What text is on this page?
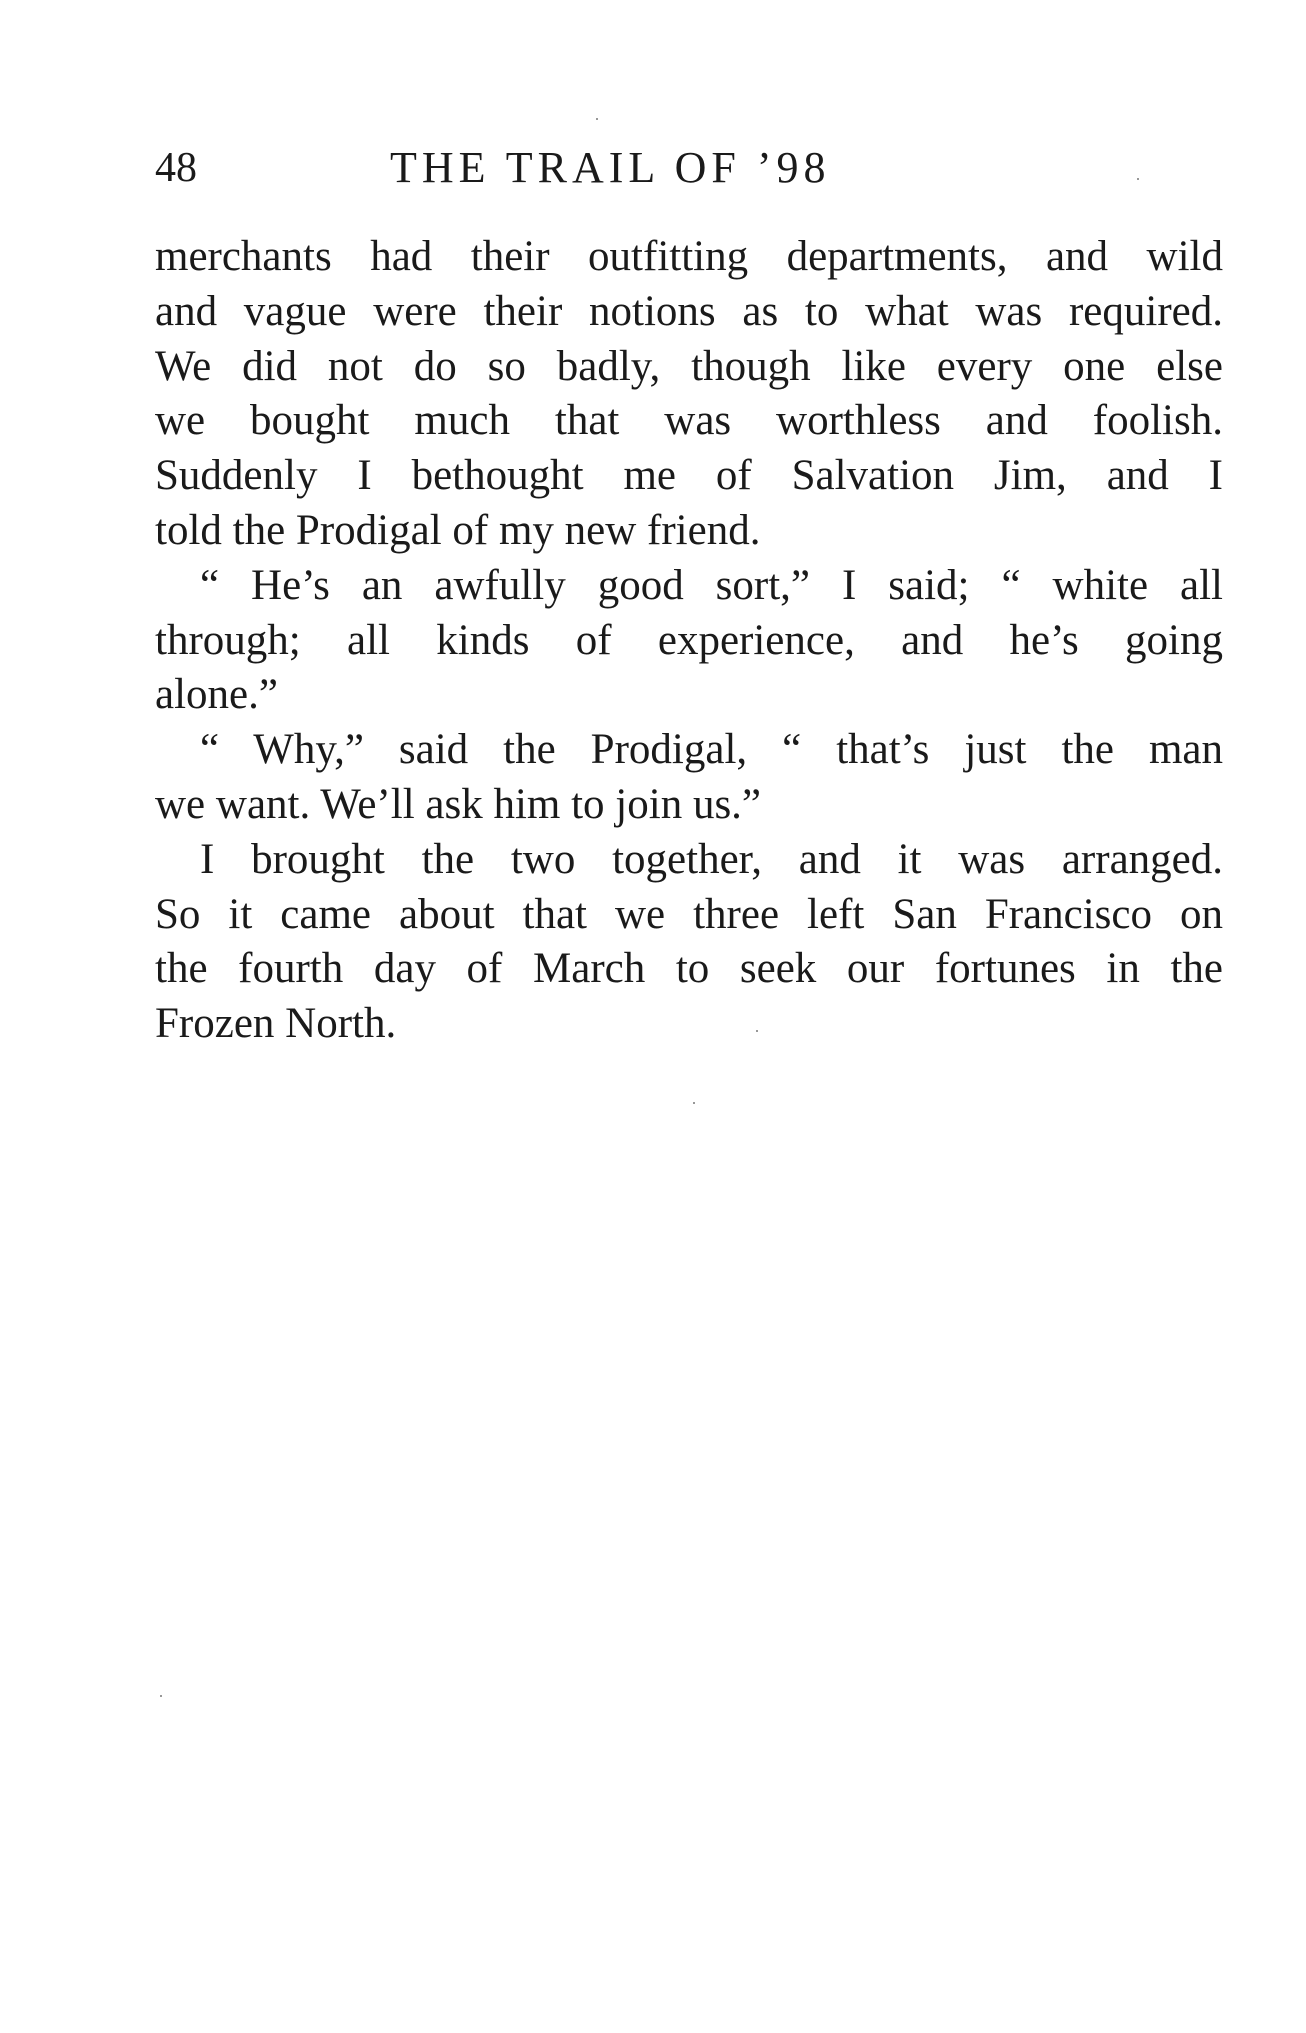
48	THE TRAIL OF ’98
merchants had their outfitting departments, and wild
and vague were their notions as to what was required.
We did not do so badly, though like every one else
we bought much that was worthless and foolish.
Suddenly I bethought me of Salvation Jim, and I
told the Prodigal of my new friend.
“ He’s an awfully good sort,” I said; “ white all
through; all kinds of experience, and he’s going
alone.”
“ Why,” said the Prodigal, “ that’s just the man
we want. We’ll ask him to join us.”
I brought the two together, and it was arranged.
So it came about that we three left San Francisco on
the fourth day of March to seek our fortunes in the
Frozen North.
